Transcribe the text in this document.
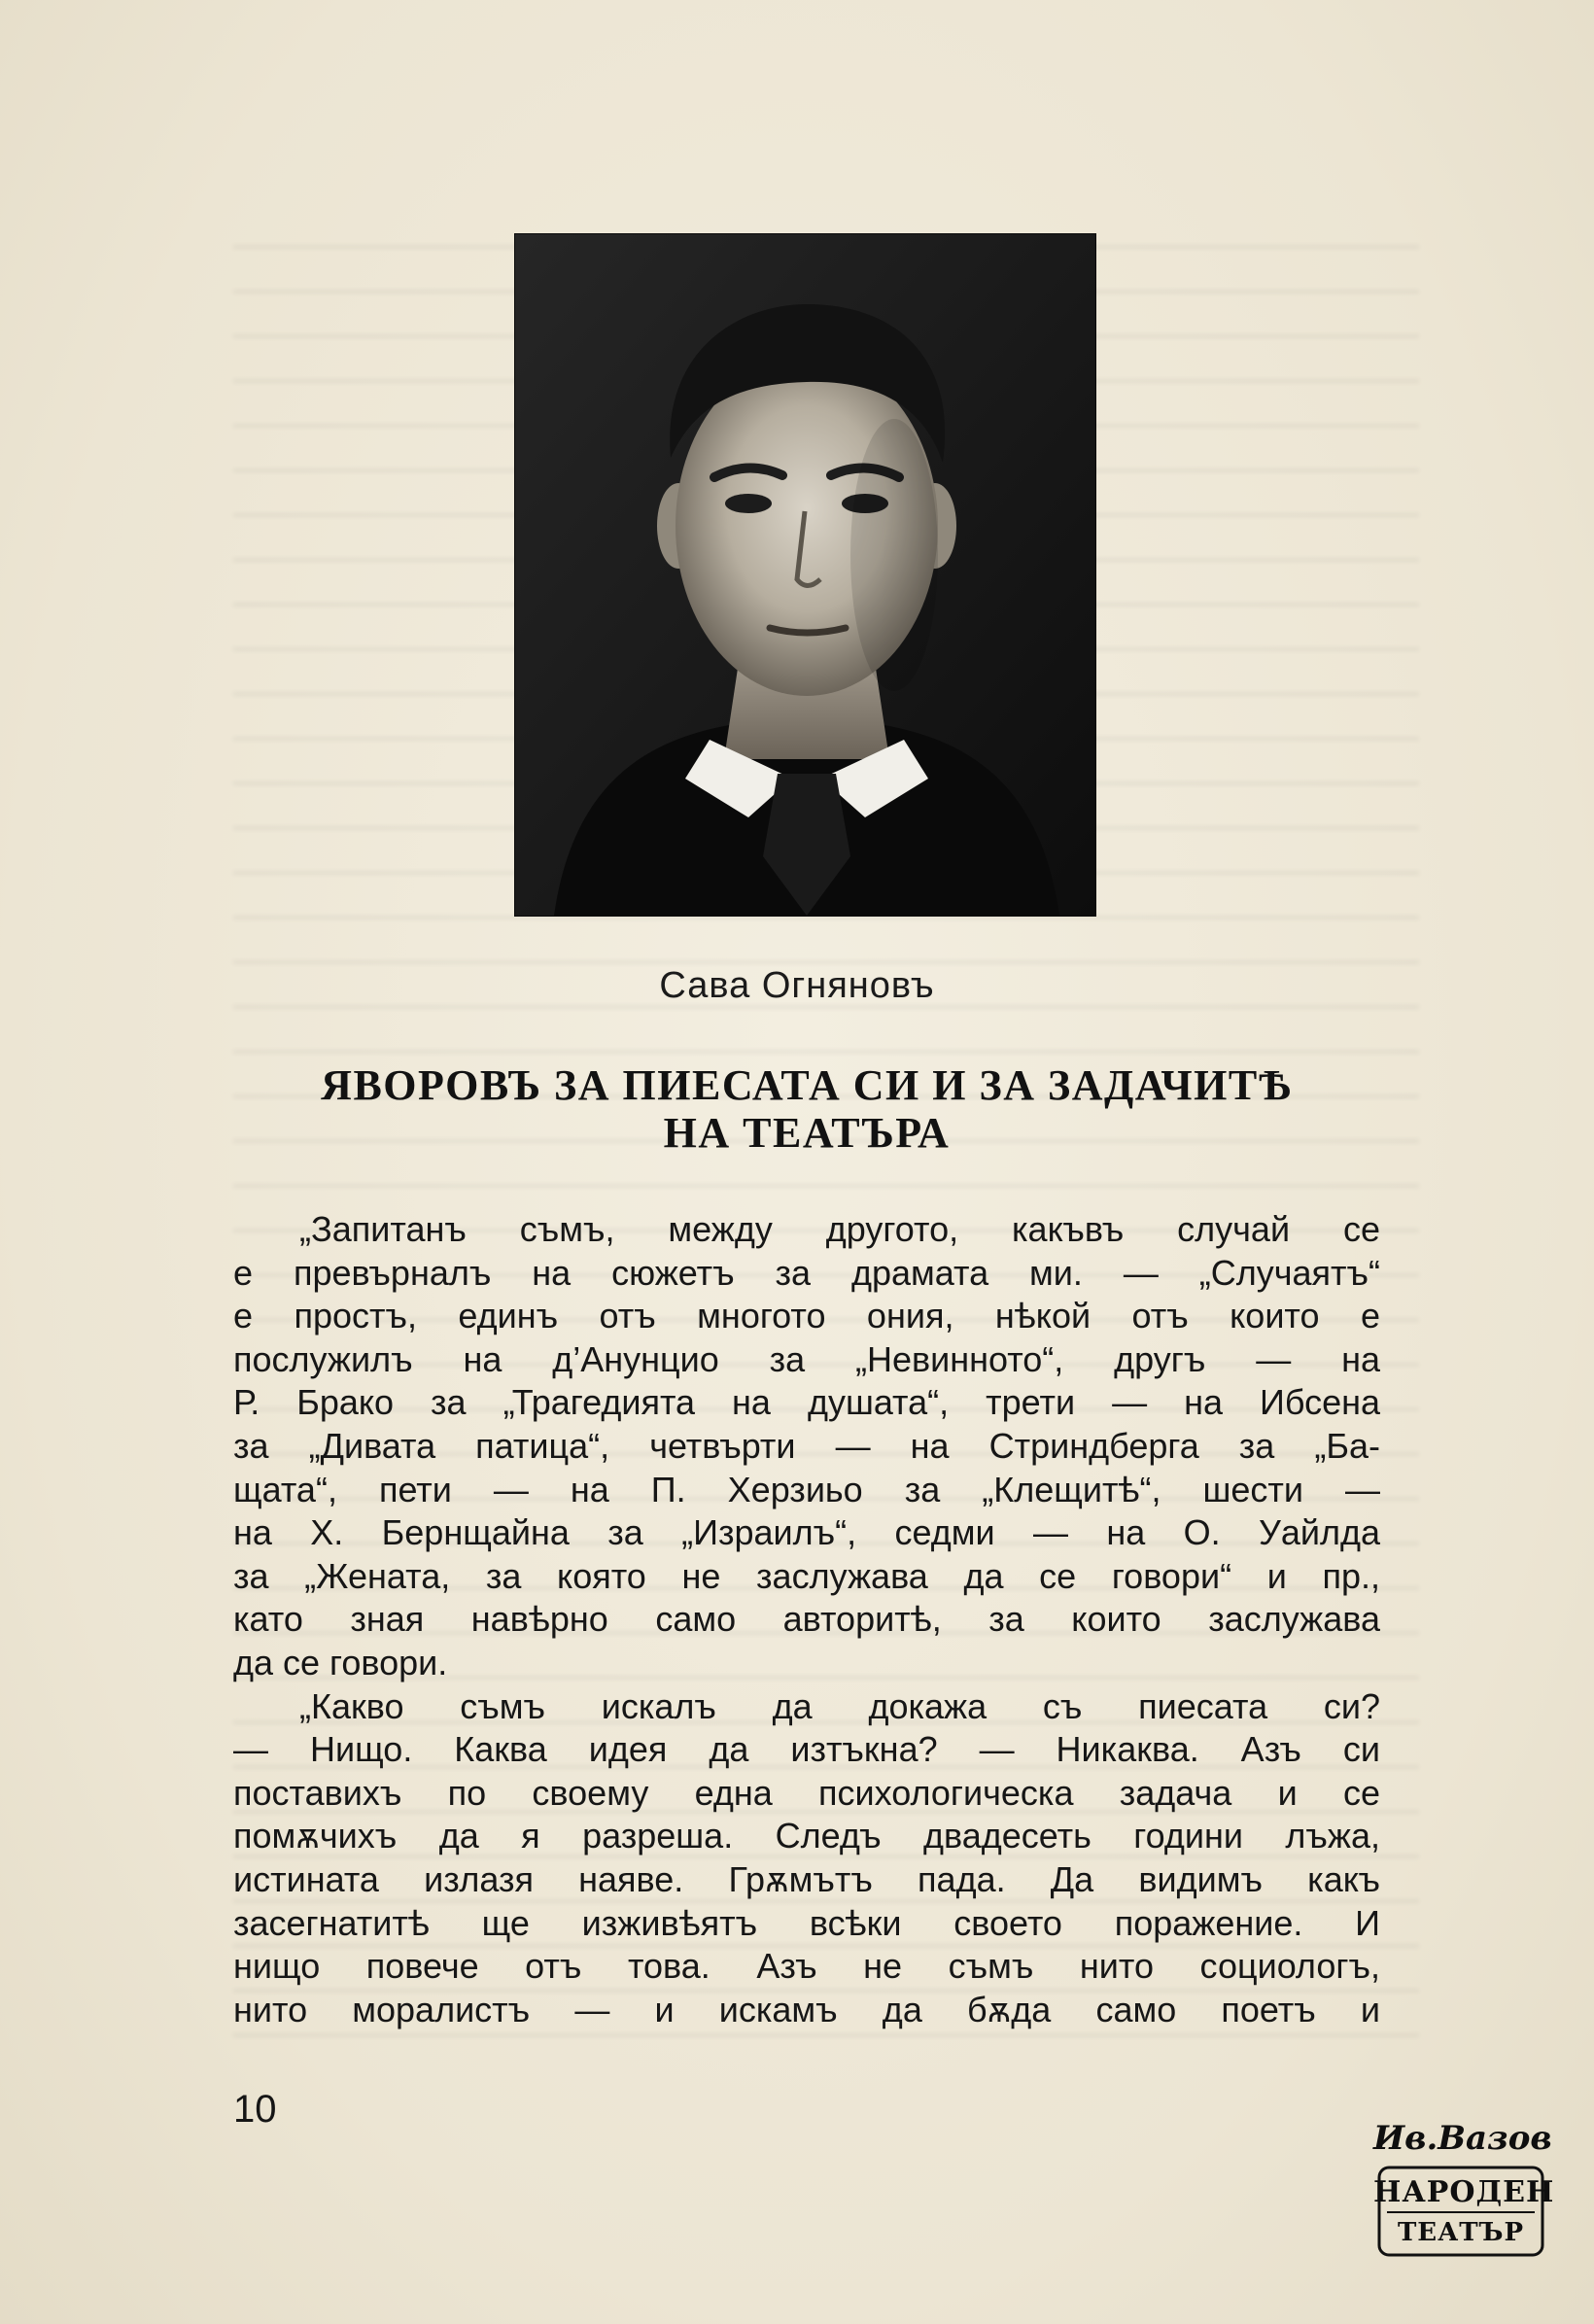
Сава Огняновъ
ЯВОРОВЪ ЗА ПИЕСАТА СИ И ЗА ЗАДАЧИТѢ
НА ТЕАТЪРА
„Запитанъ съмъ, между другото, какъвъ случай се
е превърналъ на сюжетъ за драмата ми. — „Случаятъ“
е простъ, единъ отъ многото ония, нѣкой отъ които е
послужилъ на д’Анунцио за „Невинното“, другъ — на
Р. Брако за „Трагедията на душата“, трети — на Ибсена
за „Дивата патица“, четвърти — на Стриндберга за „Ба-
щата“, пети — на П. Херзиьо за „Клещитѣ“, шести —
на Х. Бернщайна за „Израилъ“, седми — на О. Уайлда
за „Жената, за която не заслужава да се говори“ и пр.,
като зная навѣрно само авторитѣ, за които заслужава
да се говори.
„Какво съмъ искалъ да докажа съ пиесата си?
— Нищо. Каква идея да изтъкна? — Никаква. Азъ си
поставихъ по своему една психологическа задача и се
помѫчихъ да я разреша. Следъ двадесеть години лъжа,
истината излазя наяве. Грѫмътъ пада. Да видимъ какъ
засегнатитѣ ще изживѣятъ всѣки своето поражение. И
нищо повече отъ това. Азъ не съмъ нито социологъ,
нито моралистъ — и искамъ да бѫда само поетъ и
10
Ив.Вазов
НАРОДЕН
ТЕАТЪР
